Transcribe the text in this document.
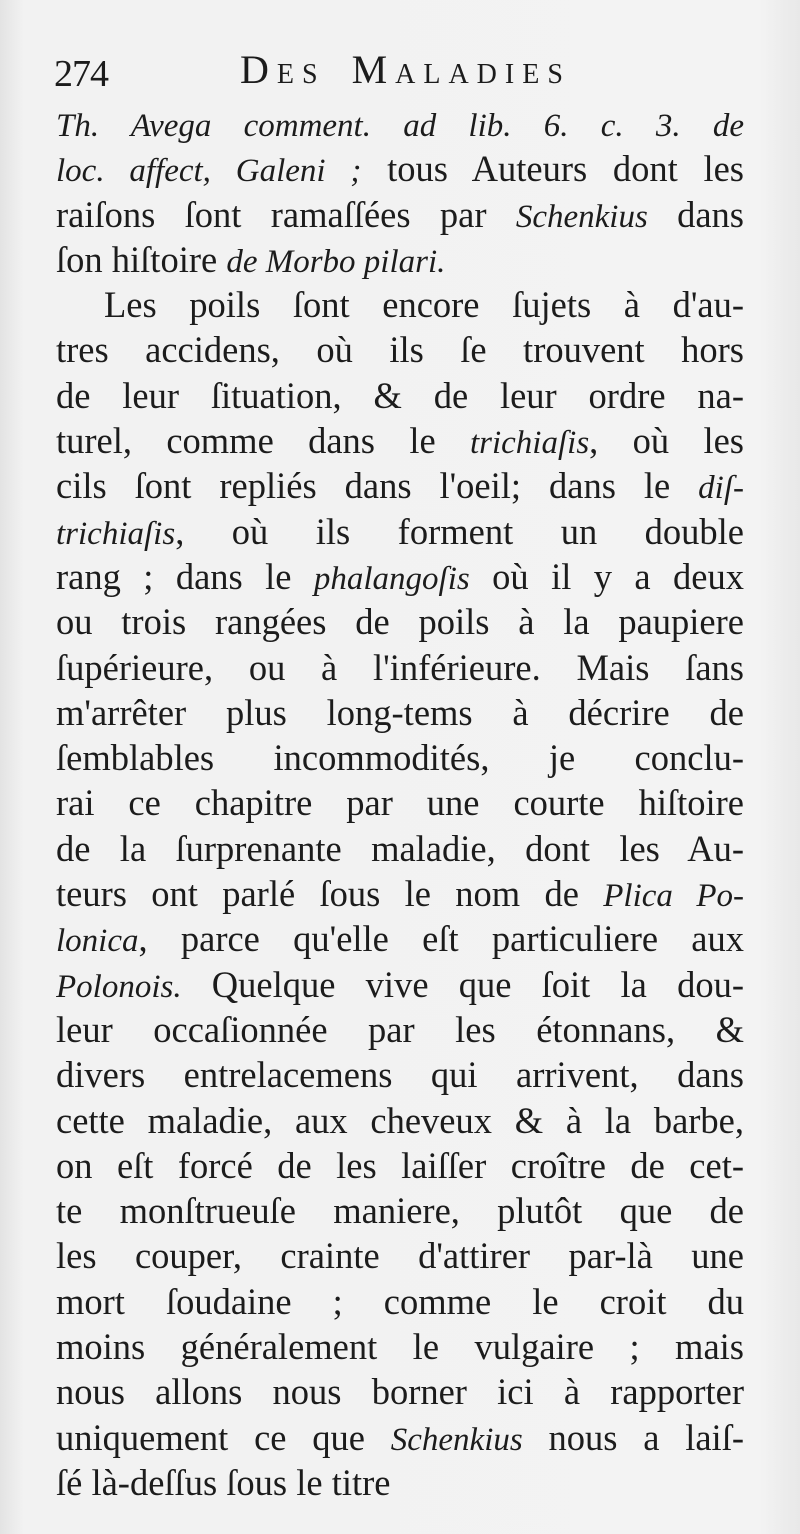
274	Des Maladies
Th. Avega comment. ad lib. 6. c. 3. de
loc. affect, Galeni ; tous Auteurs dont les
raiſons ſont ramaſſées par Schenkius dans
ſon hiſtoire de Morbo pilari.
Les poils ſont encore ſujets à d'au-
tres accidens, où ils ſe trouvent hors
de leur ſituation, & de leur ordre na-
turel, comme dans le trichiaſis, où les
cils ſont repliés dans l'oeil; dans le diſ-
trichiaſis, où ils forment un double
rang ; dans le phalangoſis où il y a deux
ou trois rangées de poils à la paupiere
ſupérieure, ou à l'inférieure. Mais ſans
m'arrêter plus long-tems à décrire de
ſemblables incommodités, je conclu-
rai ce chapitre par une courte hiſtoire
de la ſurprenante maladie, dont les Au-
teurs ont parlé ſous le nom de Plica Po-
lonica, parce qu'elle eſt particuliere aux
Polonois. Quelque vive que ſoit la dou-
leur occaſionnée par les étonnans, &
divers entrelacemens qui arrivent, dans
cette maladie, aux cheveux & à la barbe,
on eſt forcé de les laiſſer croître de cet-
te monſtrueuſe maniere, plutôt que de
les couper, crainte d'attirer par-là une
mort ſoudaine ; comme le croit du
moins généralement le vulgaire ; mais
nous allons nous borner ici à rapporter
uniquement ce que Schenkius nous a laiſ-
ſé là-deſſus ſous le titre
